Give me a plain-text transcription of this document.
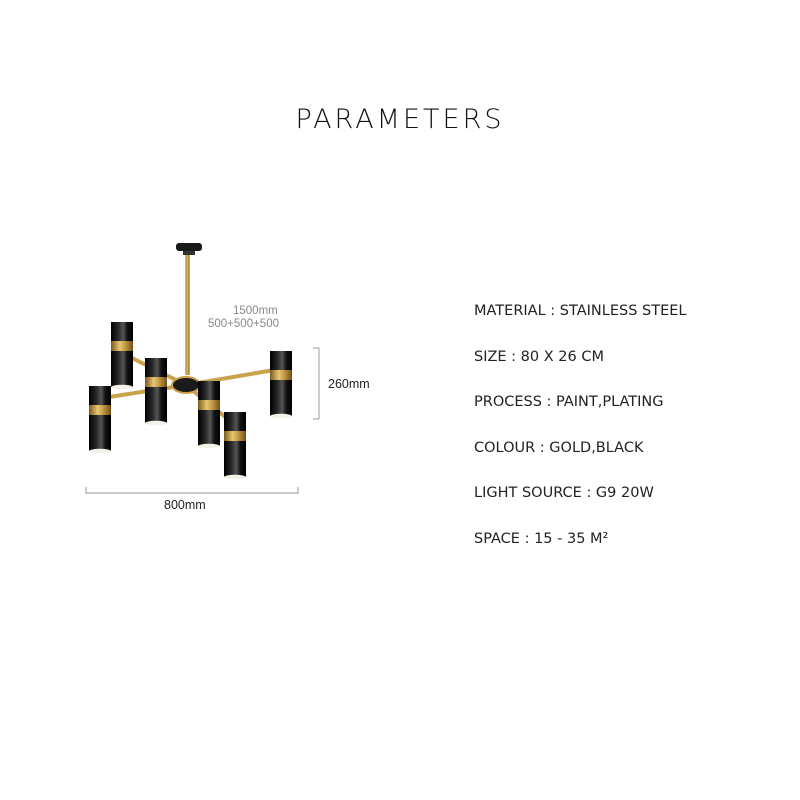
PARAMETERS
1500mm
500+500+500
260mm
800mm
MATERIAL : STAINLESS STEEL
SIZE : 80 X 26 CM
PROCESS : PAINT,PLATING
COLOUR : GOLD,BLACK
LIGHT SOURCE : G9 20W
SPACE : 15 - 35 M²
